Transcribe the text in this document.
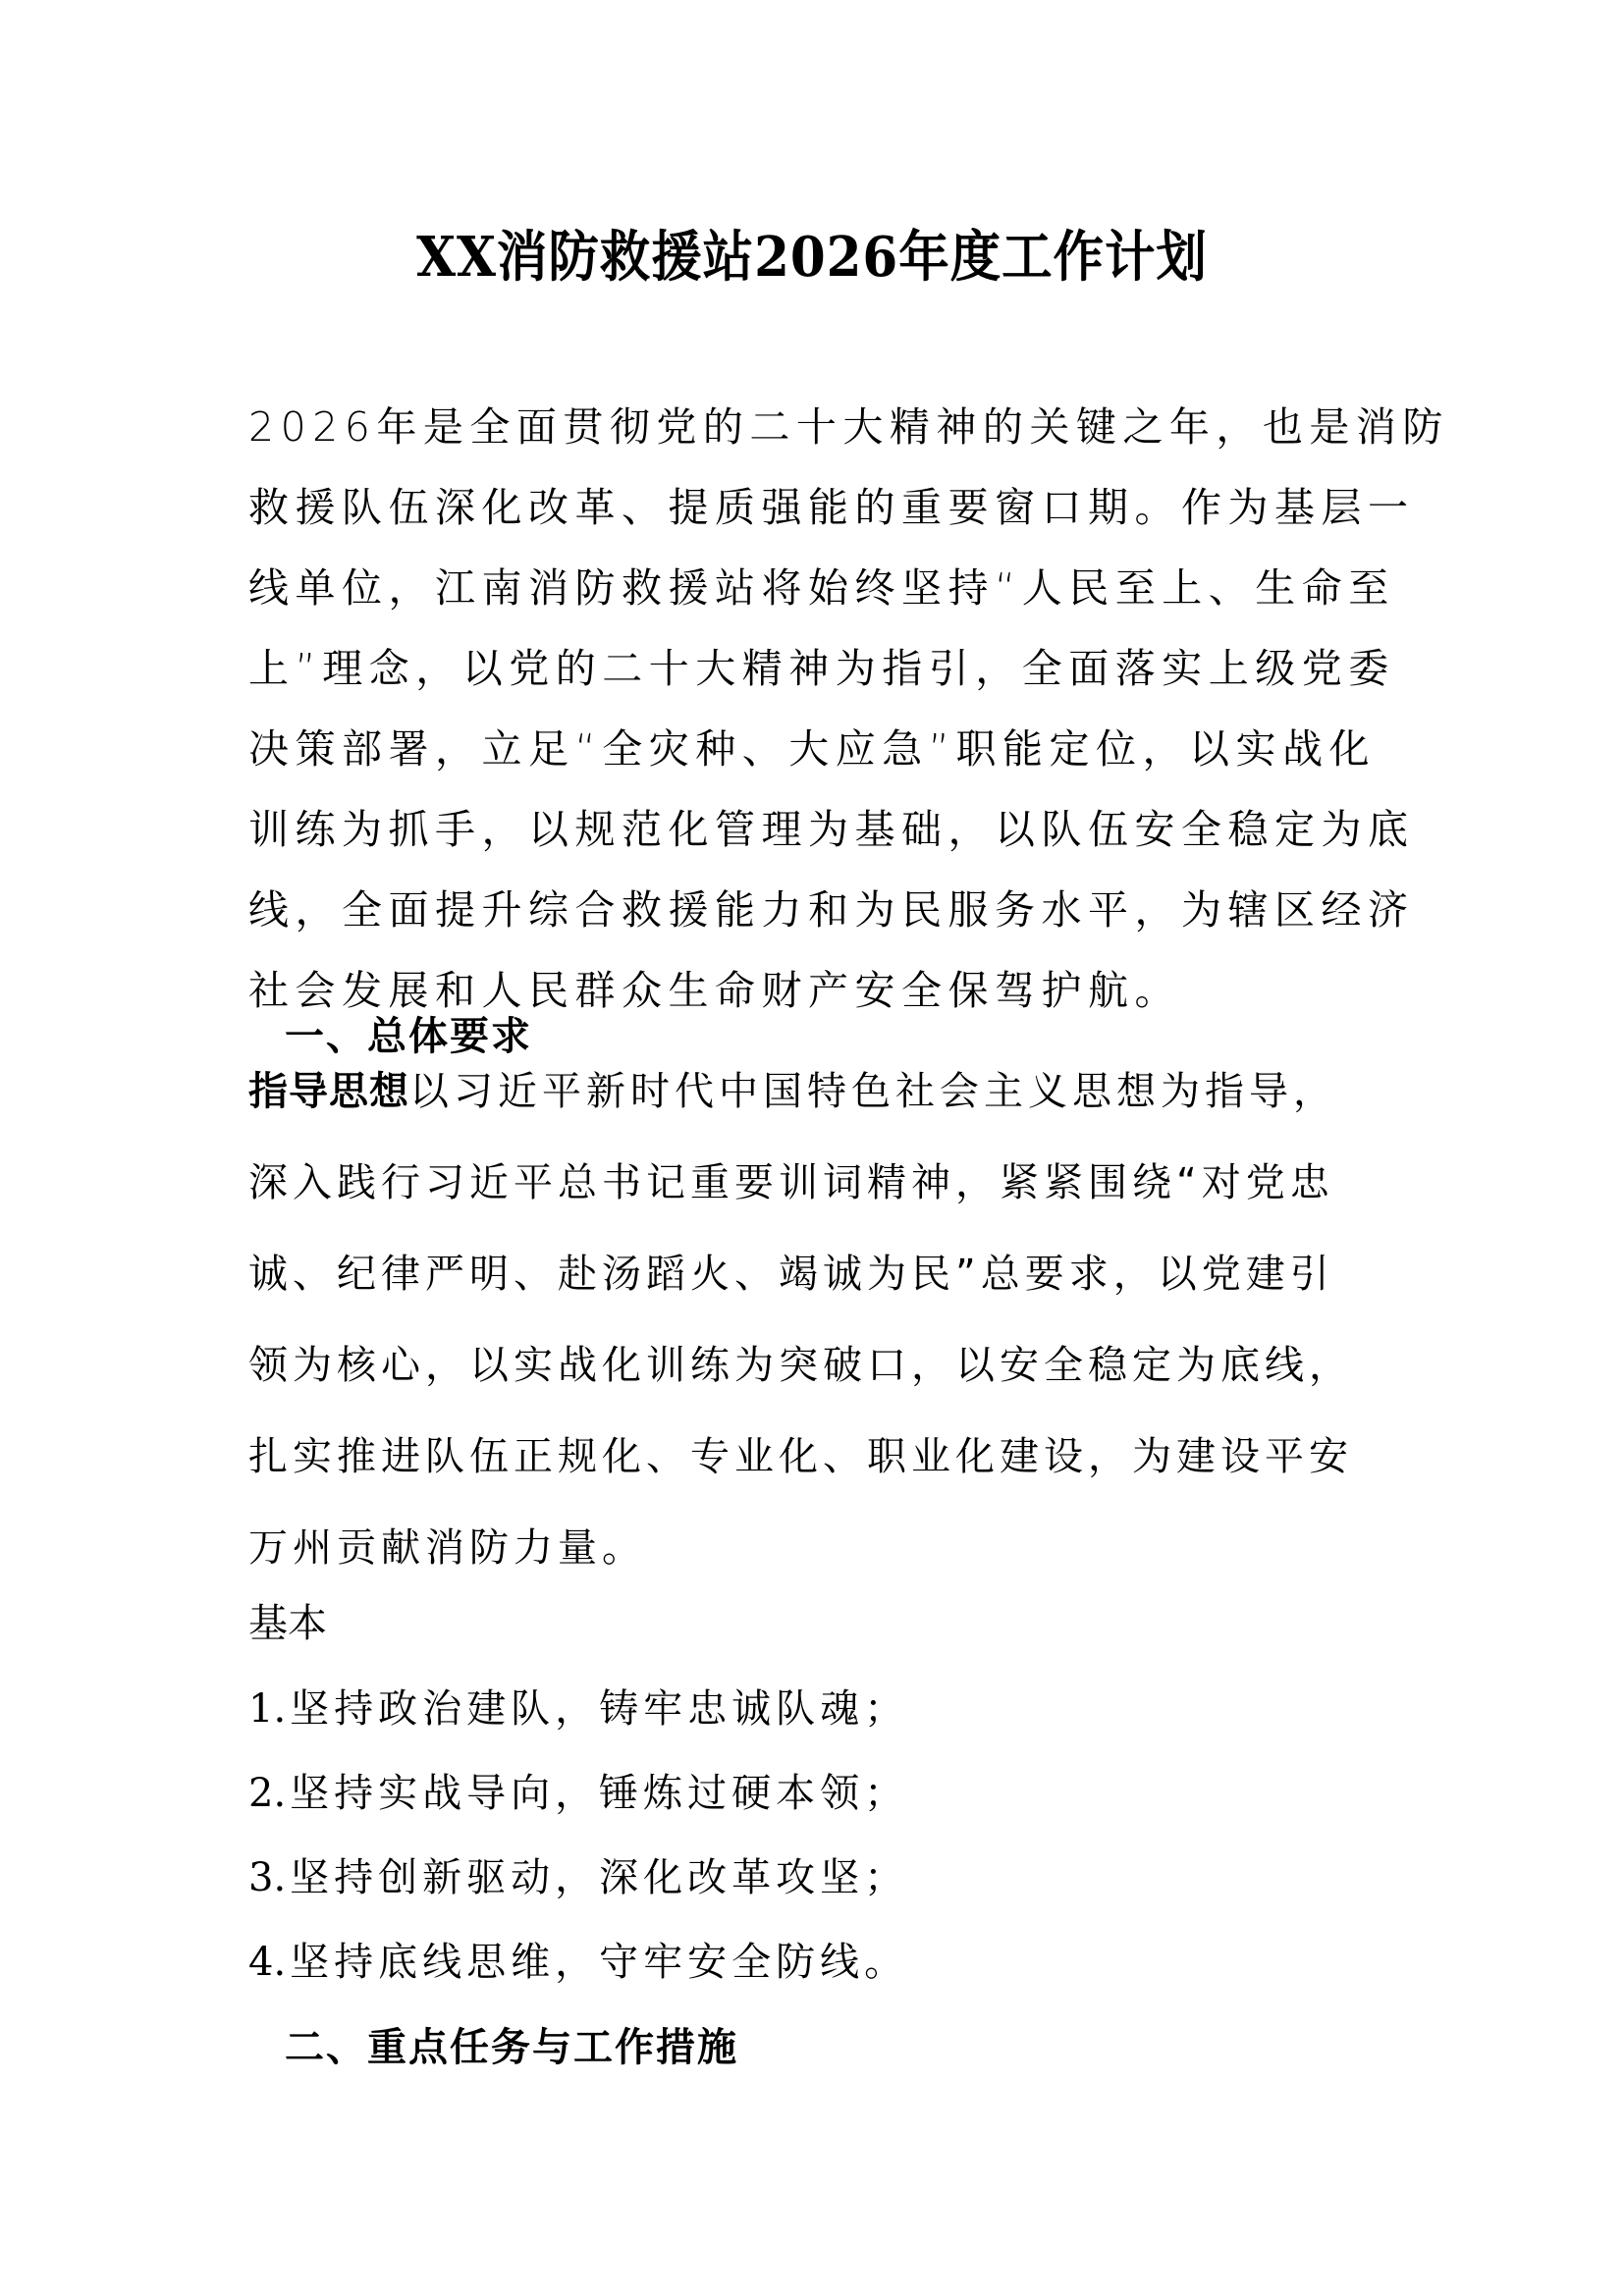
XX消防救援站2026年度工作计划
2026年是全面贯彻党的二十大精神的关键之年，也是消防
救援队伍深化改革、提质强能的重要窗口期。作为基层一
线单位，江南消防救援站将始终坚持“人民至上、生命至
上”理念，以党的二十大精神为指引，全面落实上级党委
决策部署，立足“全灾种、大应急”职能定位，以实战化
训练为抓手，以规范化管理为基础，以队伍安全稳定为底
线，全面提升综合救援能力和为民服务水平，为辖区经济
社会发展和人民群众生命财产安全保驾护航。
一、总体要求
指导思想以习近平新时代中国特色社会主义思想为指导，
深入践行习近平总书记重要训词精神，紧紧围绕“对党忠
诚、纪律严明、赴汤蹈火、竭诚为民”总要求，以党建引
领为核心，以实战化训练为突破口，以安全稳定为底线，
扎实推进队伍正规化、专业化、职业化建设，为建设平安
万州贡献消防力量。
基本
1. 坚持政治建队，铸牢忠诚队魂；
2. 坚持实战导向，锤炼过硬本领；
3. 坚持创新驱动，深化改革攻坚；
4. 坚持底线思维，守牢安全防线。
二、重点任务与工作措施
